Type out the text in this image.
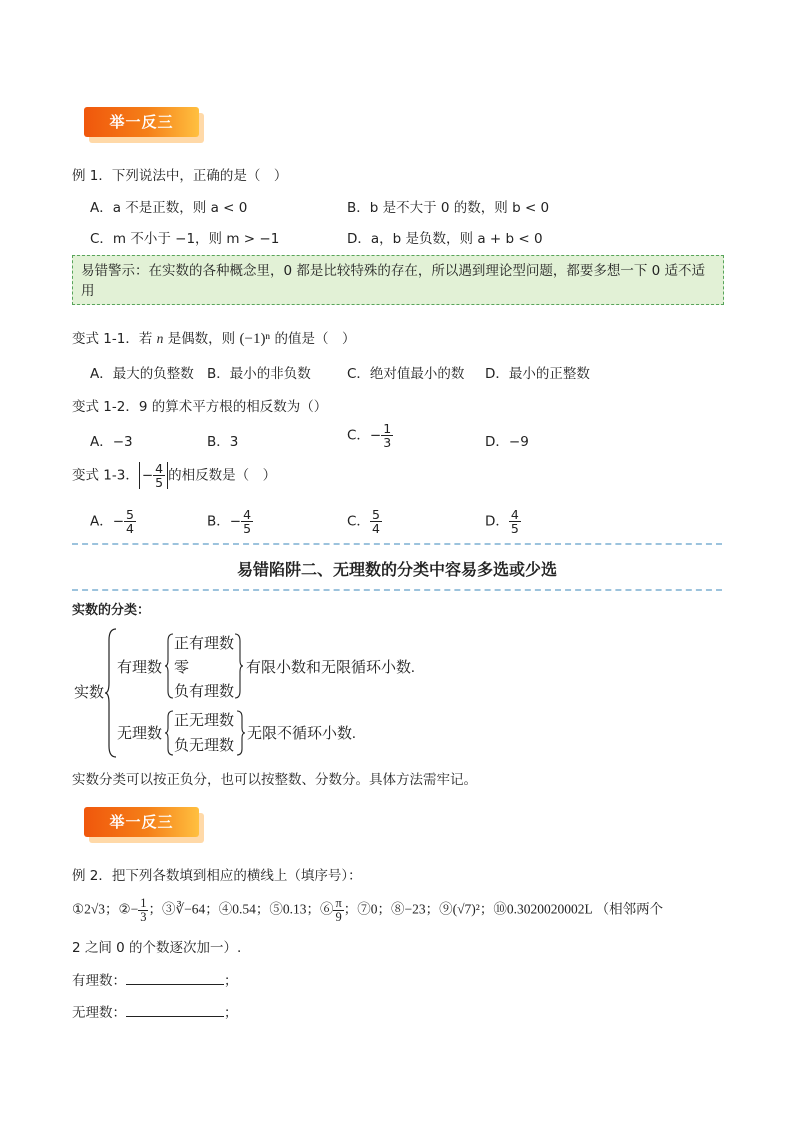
举一反三
例 1．下列说法中，正确的是（　）
A．a 不是正数，则 a < 0	B．b 是不大于 0 的数，则 b < 0
C．m 不小于 −1，则 m > −1	D．a，b 是负数，则 a + b < 0
易错警示：在实数的各种概念里，0 都是比较特殊的存在，所以遇到理论型问题，都要多想一下 0 适不适用
变式 1-1．若 n 是偶数，则 (−1)ⁿ 的值是（　）
A．最大的负整数 B．最小的非负数	C．绝对值最小的数 D．最小的正整数
变式 1-2．9 的算术平方根的相反数为（）
A．−3	B．3	C．− $\frac{1}{3}$	D．−9
变式 1-3． − $\frac{4}{5}$ 的相反数是（　）
A．− $\frac{5}{4}$	B．− $\frac{4}{5}$	C． $\frac{5}{4}$	D． $\frac{4}{5}$
易错陷阱二、无理数的分类中容易多选或少选
实数的分类：
实数
有理数
正有理数
零
负有理数
有限小数和无限循环小数.
无理数
正无理数
负无理数
无限不循环小数.
实数分类可以按正负分，也可以按整数、分数分。具体方法需牢记。
举一反三
例 2．把下列各数填到相应的横线上（填序号）：
①2√3；②− $\frac{1}{3}$ ；③∛−64；④0.54；⑤0.13；⑥ $\frac{\pi}{9}$ ；⑦0；⑧−23；⑨(√7)²；⑩0.3020020002L （相邻两个
2 之间 0 的个数逐次加一）.
有理数：	；
无理数：	；
